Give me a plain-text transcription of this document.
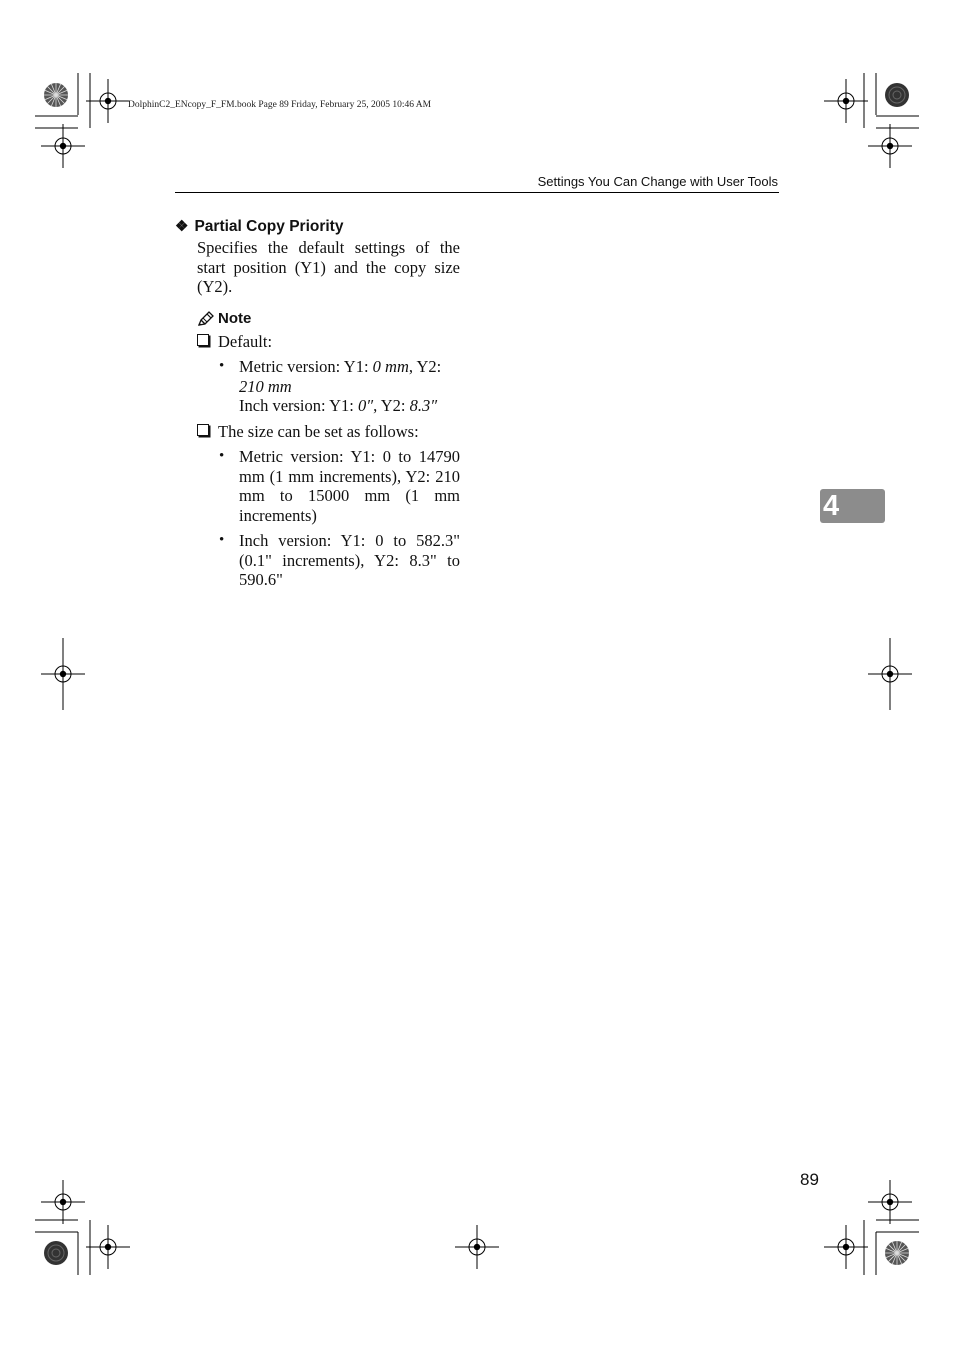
DolphinC2_ENcopy_F_FM.book Page 89 Friday, February 25, 2005 10:46 AM
Settings You Can Change with User Tools
❖ Partial Copy Priority
Specifies the default settings of the start position (Y1) and the copy size (Y2).
Note
Default:
• Metric version: Y1: 0 mm, Y2:
210 mm
Inch version: Y1: 0″, Y2: 8.3″
The size can be set as follows:
• Metric version: Y1: 0 to 14790 mm (1 mm increments), Y2: 210 mm to 15000 mm (1 mm increments)
• Inch version: Y1: 0 to 582.3" (0.1" increments), Y2: 8.3" to 590.6"
4
89
